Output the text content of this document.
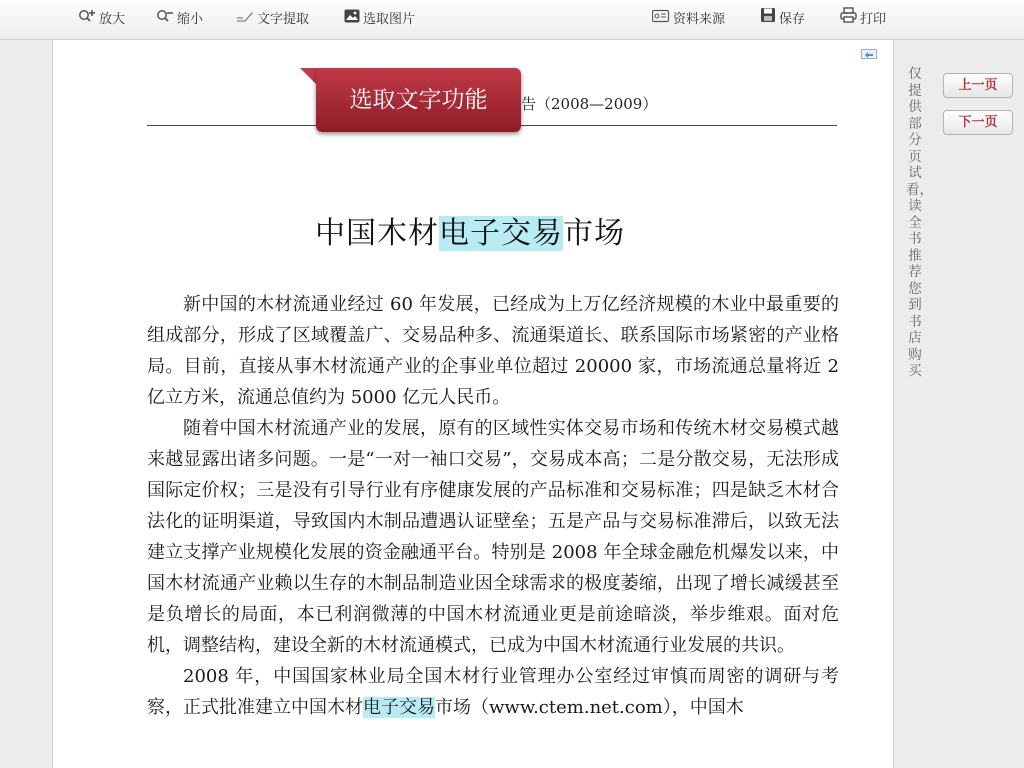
放大	缩小	文字提取	选取图片	资料来源	保存	打印
告（2008—2009）
中国木材电子交易市场

新中国的木材流通业经过 60 年发展，已经成为上万亿经济规模的木业中最重要的组成部分，形成了区域覆盖广、交易品种多、流通渠道长、联系国际市场紧密的产业格局。目前，直接从事木材流通产业的企事业单位超过 20000 家，市场流通总量将近 2 亿立方米，流通总值约为 5000 亿元人民币。

随着中国木材流通产业的发展，原有的区域性实体交易市场和传统木材交易模式越来越显露出诸多问题。一是“一对一袖口交易”，交易成本高；二是分散交易，无法形成国际定价权；三是没有引导行业有序健康发展的产品标准和交易标准；四是缺乏木材合法化的证明渠道，导致国内木制品遭遇认证壁垒；五是产品与交易标准滞后，以致无法建立支撑产业规模化发展的资金融通平台。特别是 2008 年全球金融危机爆发以来，中国木材流通产业赖以生存的木制品制造业因全球需求的极度萎缩，出现了增长减缓甚至是负增长的局面，本已利润微薄的中国木材流通业更是前途暗淡，举步维艰。面对危机，调整结构，建设全新的木材流通模式，已成为中国木材流通行业发展的共识。

2008 年，中国国家林业局全国木材行业管理办公室经过审慎而周密的调研与考察，正式批准建立中国木材电子交易市场（www.ctem.net.com），中国木

选取文字功能
仅提供部分页试看，读全书推荐您到书店购买
上一页
下一页
